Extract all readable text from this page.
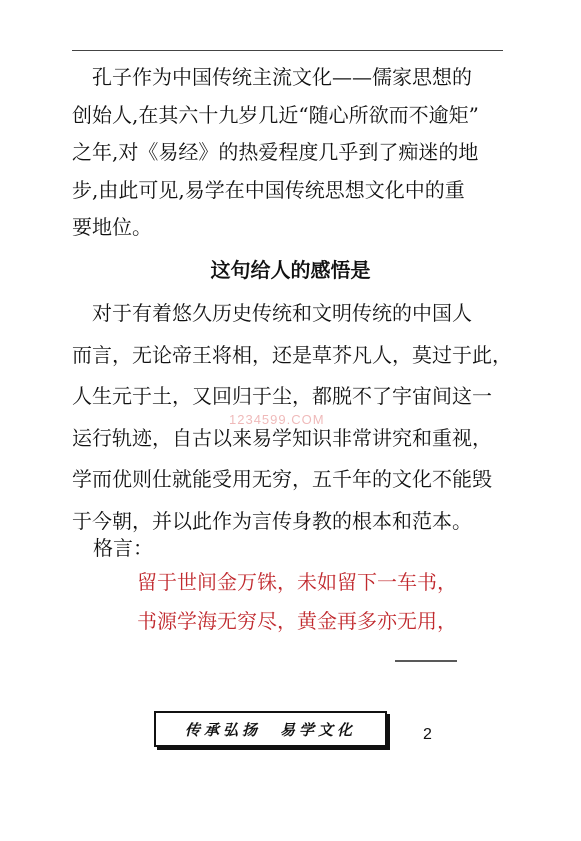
孔子作为中国传统主流文化——儒家思想的
创始人,在其六十九岁几近“随心所欲而不逾矩”
之年,对《易经》的热爱程度几乎到了痴迷的地
步,由此可见,易学在中国传统思想文化中的重
要地位。
这句给人的感悟是
对于有着悠久历史传统和文明传统的中国人
而言，无论帝王将相，还是草芥凡人，莫过于此，
人生元于土，又回归于尘，都脱不了宇宙间这一
运行轨迹，自古以来易学知识非常讲究和重视，
学而优则仕就能受用无穷，五千年的文化不能毁
于今朝，并以此作为言传身教的根本和范本。
1234599.COM
格言：
留于世间金万铢，未如留下一车书，
书源学海无穷尽，黄金再多亦无用，
传承弘扬　易学文化	2
